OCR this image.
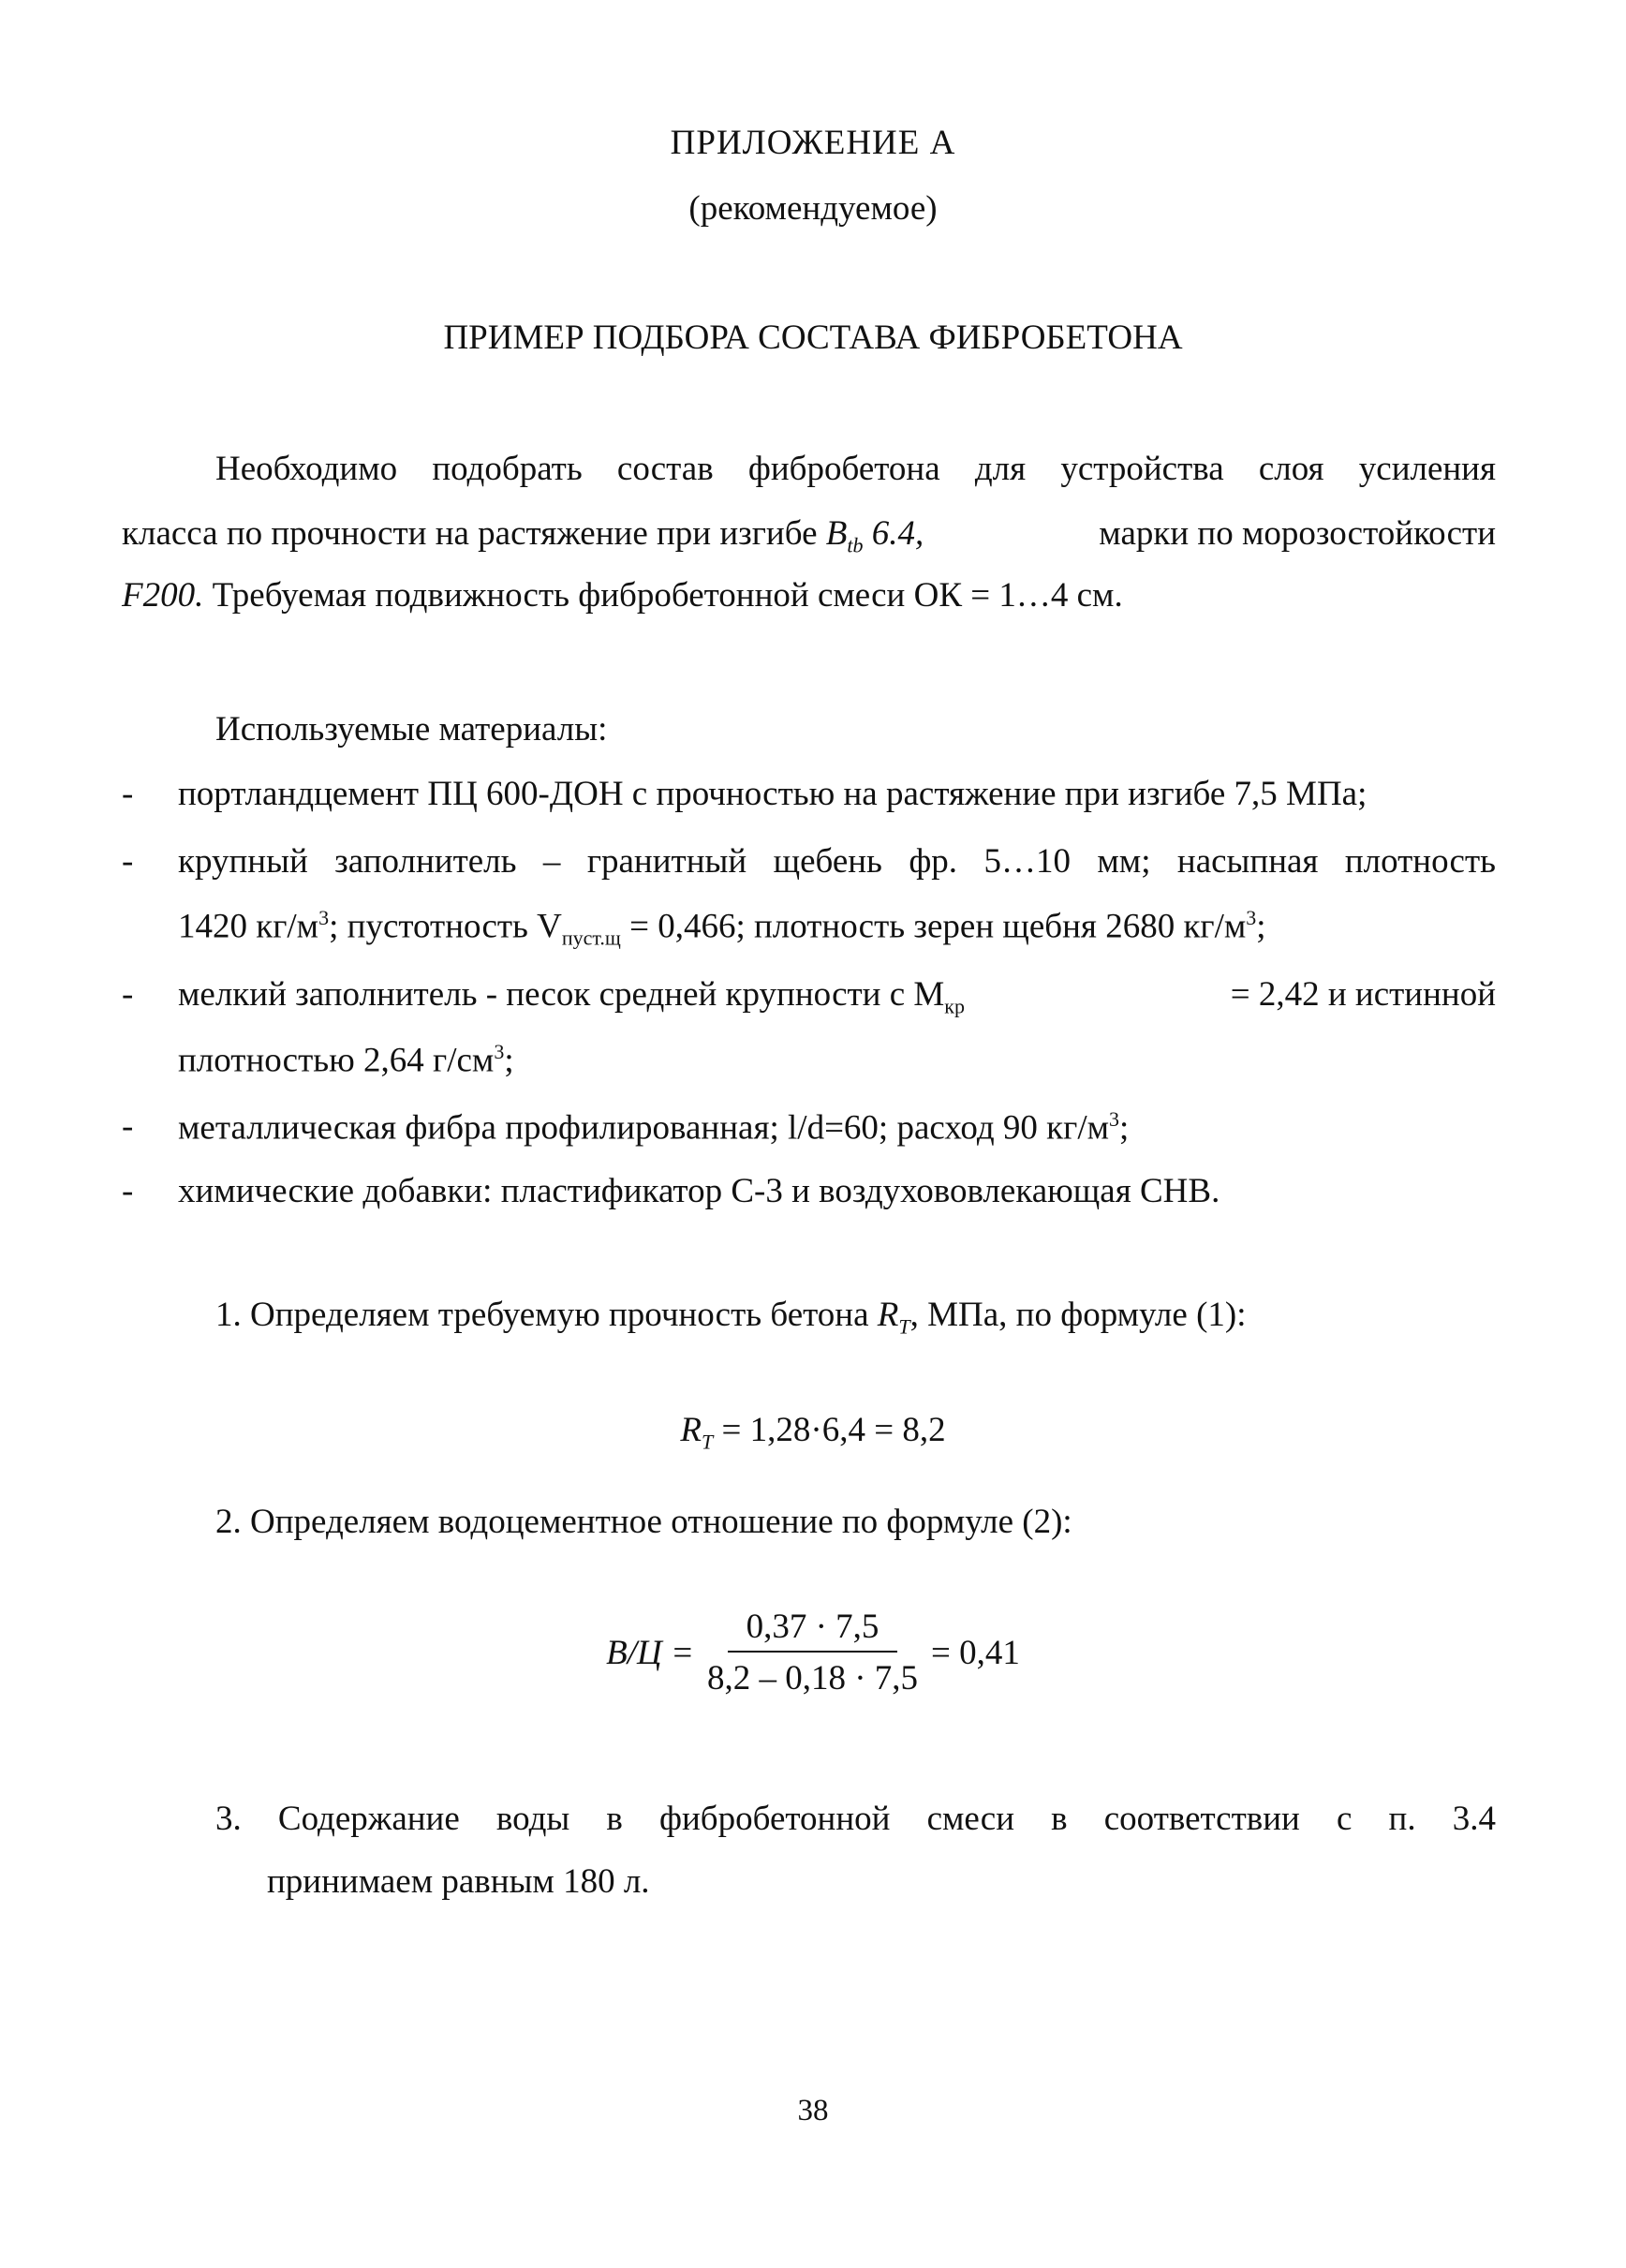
ПРИЛОЖЕНИЕ А
(рекомендуемое)
ПРИМЕР ПОДБОРА СОСТАВА ФИБРОБЕТОНА
Необходимо подобрать состав фибробетона для устройства слоя усиления
класса по прочности на растяжение при изгибе $B_{tb}$ 6.4,	марки по морозостойкости
F200. Требуемая подвижность фибробетонной смеси ОК = 1…4 см.
Используемые материалы:
- портландцемент ПЦ 600-ДОН с прочностью на растяжение при изгибе 7,5 МПа;
- крупный заполнитель – гранитный щебень фр. 5…10 мм; насыпная плотность
1420 $кг/м^3$; пустотность $V_{пуст.щ} = 0,466$; плотность зерен щебня 2680 $кг/м^3$;
- мелкий заполнитель - песок средней крупности с $М_{кр}$	= 2,42 и истинной
плотностью 2,64 $г/см^3$;
- металлическая фибра профилированная; l/d=60; расход 90 $кг/м^3$;
- химические добавки: пластификатор С-3 и воздухововлекающая СНВ.
1. Определяем требуемую прочность бетона $R_T$, МПа, по формуле (1):
$R_T = 1,28\cdot 6,4 = 8,2$
2. Определяем водоцементное отношение по формуле (2):
$В/Ц = \frac{0,37 \cdot 7,5}{8,2 - 0,18 \cdot 7,5} = 0,41$
3. Содержание воды в фибробетонной смеси в соответствии с п. 3.4
принимаем равным 180 л.
38
